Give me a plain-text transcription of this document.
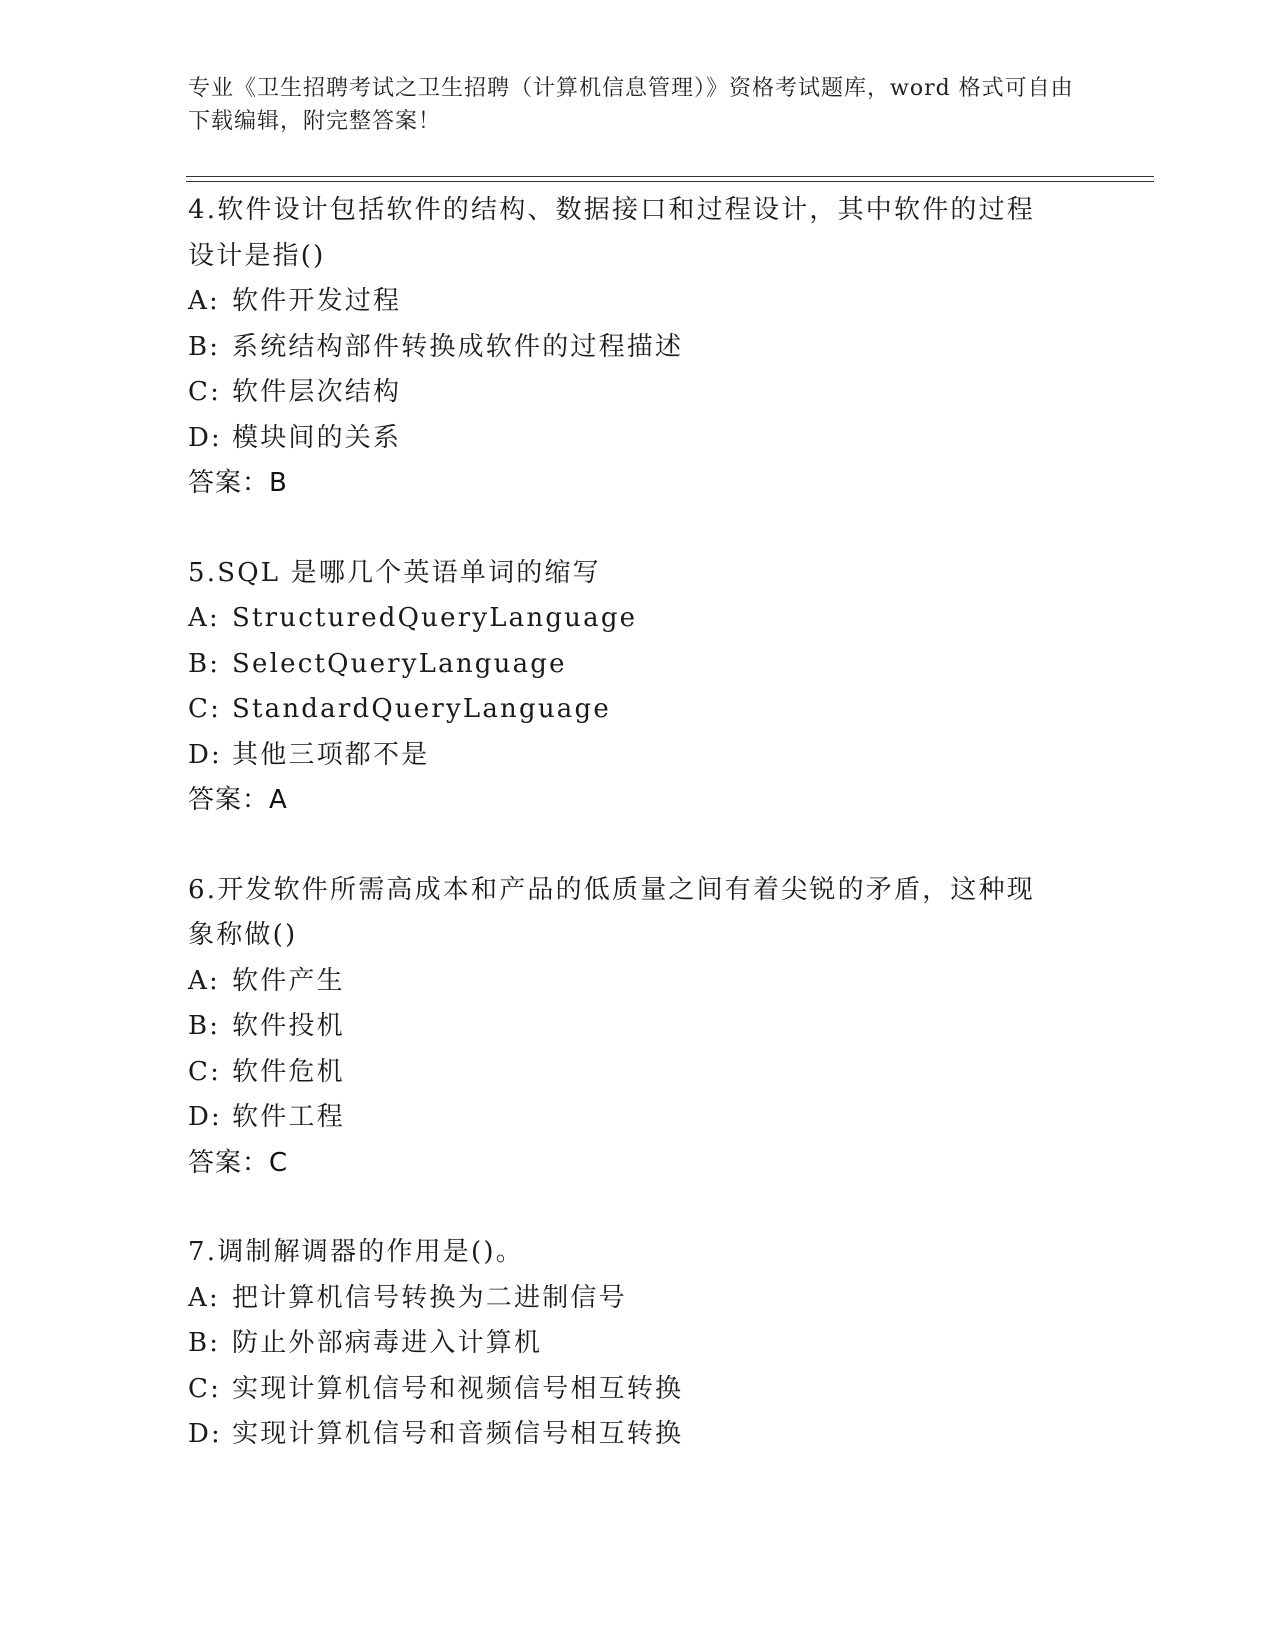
专业《卫生招聘考试之卫生招聘（计算机信息管理）》资格考试题库，word 格式可自由下载编辑，附完整答案！
4.软件设计包括软件的结构、数据接口和过程设计，其中软件的过程设计是指()
A: 软件开发过程
B: 系统结构部件转换成软件的过程描述
C: 软件层次结构
D: 模块间的关系
答案：B
5.SQL 是哪几个英语单词的缩写
A: StructuredQueryLanguage
B: SelectQueryLanguage
C: StandardQueryLanguage
D: 其他三项都不是
答案：A
6.开发软件所需高成本和产品的低质量之间有着尖锐的矛盾，这种现象称做()
A: 软件产生
B: 软件投机
C: 软件危机
D: 软件工程
答案：C
7.调制解调器的作用是()。
A: 把计算机信号转换为二进制信号
B: 防止外部病毒进入计算机
C: 实现计算机信号和视频信号相互转换
D: 实现计算机信号和音频信号相互转换
